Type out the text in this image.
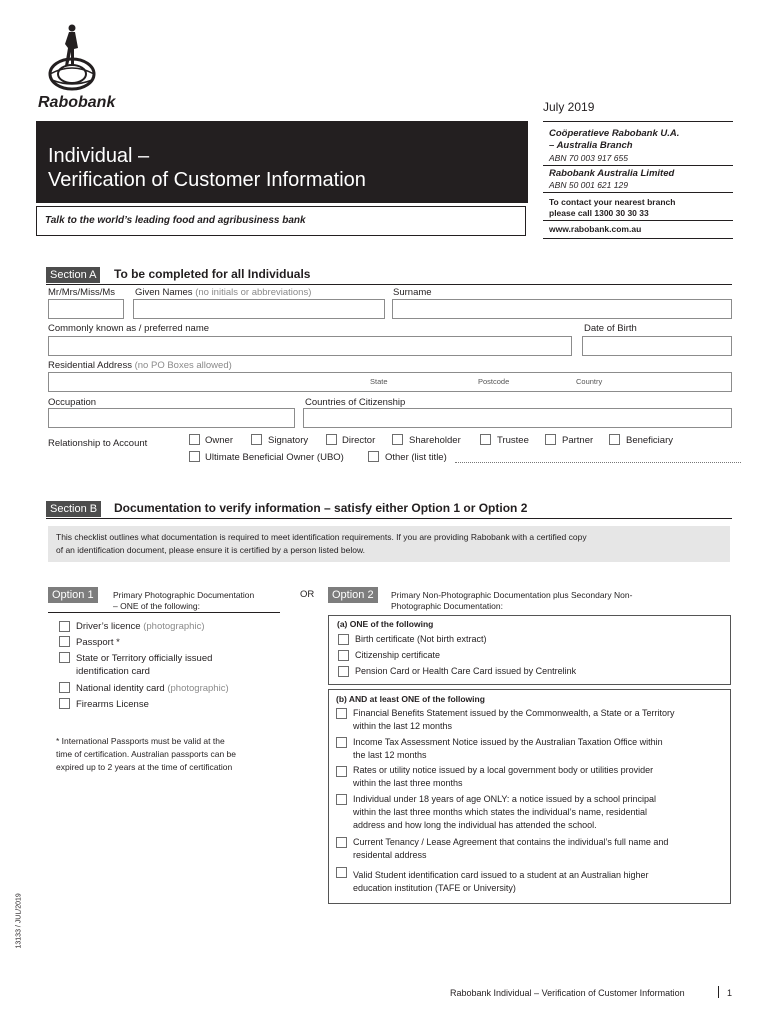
Rabobank	July 2019
Individual –
Verification of Customer Information
Talk to the world’s leading food and agribusiness bank
Coöperatieve Rabobank U.A.
– Australia Branch
ABN 70 003 917 655
Rabobank Australia Limited
ABN 50 001 621 129
To contact your nearest branch
please call 1300 30 30 33
www.rabobank.com.au
Section A	To be completed for all Individuals
Mr/Mrs/Miss/Ms Given Names (no initials or abbreviations)	Surname
Commonly known as / preferred name	Date of Birth
Residential Address (no PO Boxes allowed)
State	Postcode	Country
Occupation	Countries of Citizenship
Relationship to Account	Owner	Signatory	Director	Shareholder	Trustee	Partner	Beneficiary
Ultimate Beneficial Owner (UBO)	Other (list title)
Section B	Documentation to verify information – satisfy either Option 1 or Option 2
This checklist outlines what documentation is required to meet identification requirements. If you are providing Rabobank with a certified copy
of an identification document, please ensure it is certified by a person listed below.
Option 1	Primary Photographic Documentation
– ONE of the following:
OR	Option 2	Primary Non-Photographic Documentation plus Secondary Non-
Photographic Documentation:
Driver’s licence (photographic)
Passport *
State or Territory officially issued
identification card
National identity card (photographic)
Firearms License
* International Passports must be valid at the
time of certification. Australian passports can be
expired up to 2 years at the time of certification
(a) ONE of the following
Birth certificate (Not birth extract)
Citizenship certificate
Pension Card or Health Care Card issued by Centrelink
(b) AND at least ONE of the following
Financial Benefits Statement issued by the Commonwealth, a State or a Territory
within the last 12 months
Income Tax Assessment Notice issued by the Australian Taxation Office within
the last 12 months
Rates or utility notice issued by a local government body or utilities provider
within the last three months
Individual under 18 years of age ONLY: a notice issued by a school principal
within the last three months which states the individual’s name, residential
address and how long the individual has attended the school.
Current Tenancy / Lease Agreement that contains the individual’s full name and
residental address
Valid Student identification card issued to a student at an Australian higher
education institution (TAFE or University)
13133 / JUL/2019
Rabobank Individual – Verification of Customer Information	1
